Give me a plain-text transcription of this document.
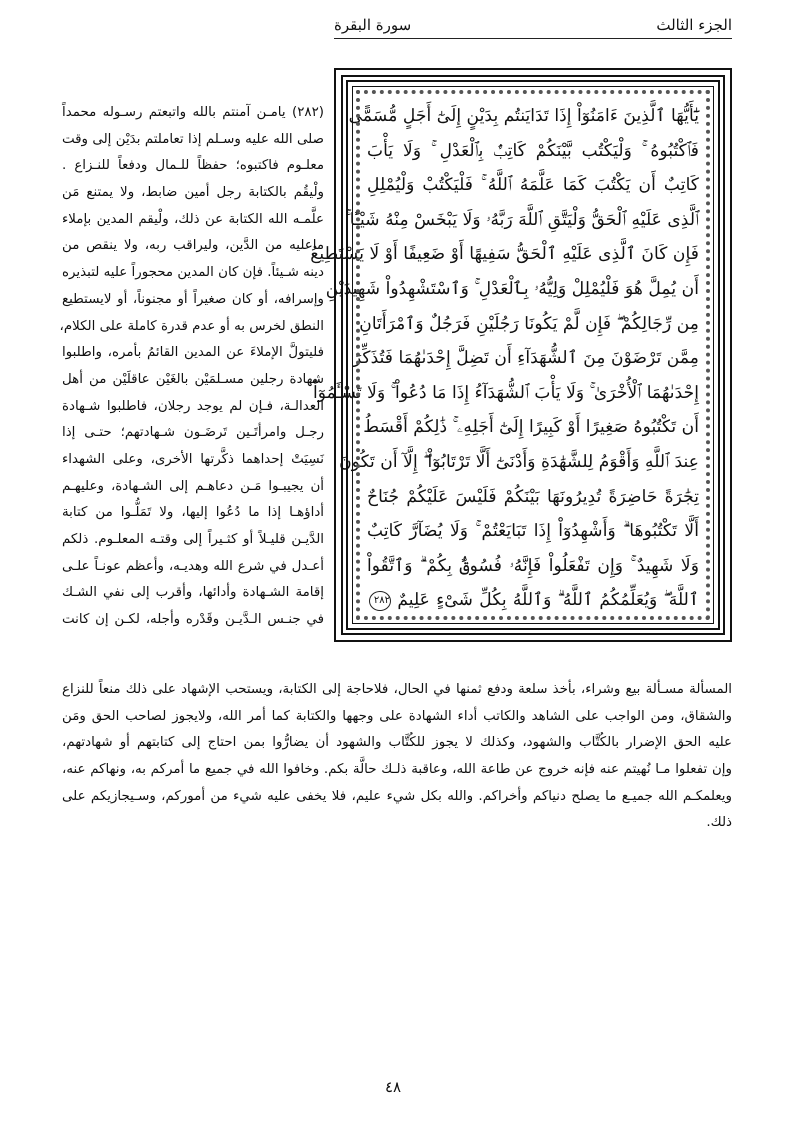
الجزء الثالث
سورة البقرة
يَٰٓأَيُّهَا ٱلَّذِينَ ءَامَنُوٓاْ إِذَا تَدَايَنتُم بِدَيْنٍ إِلَىٰٓ أَجَلٍ مُّسَمًّى
فَٱكْتُبُوهُ ۚ وَلْيَكْتُب بَّيْنَكُمْ كَاتِبٌۢ بِٱلْعَدْلِ ۚ وَلَا يَأْبَ
كَاتِبٌ أَن يَكْتُبَ كَمَا عَلَّمَهُ ٱللَّهُ ۚ فَلْيَكْتُبْ وَلْيُمْلِلِ
ٱلَّذِى عَلَيْهِ ٱلْحَقُّ وَلْيَتَّقِ ٱللَّهَ رَبَّهُۥ وَلَا يَبْخَسْ مِنْهُ شَيْـًٔا ۚ
فَإِن كَانَ ٱلَّذِى عَلَيْهِ ٱلْحَقُّ سَفِيهًا أَوْ ضَعِيفًا أَوْ لَا يَسْتَطِيعُ
أَن يُمِلَّ هُوَ فَلْيُمْلِلْ وَلِيُّهُۥ بِٱلْعَدْلِ ۚ وَٱسْتَشْهِدُواْ شَهِيدَيْنِ
مِن رِّجَالِكُمْ ۖ فَإِن لَّمْ يَكُونَا رَجُلَيْنِ فَرَجُلٌ وَٱمْرَأَتَانِ
مِمَّن تَرْضَوْنَ مِنَ ٱلشُّهَدَآءِ أَن تَضِلَّ إِحْدَىٰهُمَا فَتُذَكِّرَ
إِحْدَىٰهُمَا ٱلْأُخْرَىٰ ۚ وَلَا يَأْبَ ٱلشُّهَدَآءُ إِذَا مَا دُعُواْ ۚ وَلَا تَسْـَٔمُوٓاْ
أَن تَكْتُبُوهُ صَغِيرًا أَوْ كَبِيرًا إِلَىٰٓ أَجَلِهِۦ ۚ ذَٰلِكُمْ أَقْسَطُ
عِندَ ٱللَّهِ وَأَقْوَمُ لِلشَّهَٰدَةِ وَأَدْنَىٰٓ أَلَّا تَرْتَابُوٓاْ ۖ إِلَّآ أَن تَكُونَ
تِجَٰرَةً حَاضِرَةً تُدِيرُونَهَا بَيْنَكُمْ فَلَيْسَ عَلَيْكُمْ جُنَاحٌ
أَلَّا تَكْتُبُوهَا ۗ وَأَشْهِدُوٓاْ إِذَا تَبَايَعْتُمْ ۚ وَلَا يُضَآرَّ كَاتِبٌ
وَلَا شَهِيدٌ ۚ وَإِن تَفْعَلُواْ فَإِنَّهُۥ فُسُوقٌۢ بِكُمْ ۗ وَٱتَّقُواْ
ٱللَّهَ ۖ وَيُعَلِّمُكُمُ ٱللَّهُ ۗ وَٱللَّهُ بِكُلِّ شَىْءٍ عَلِيمٌ ٢٨٢
(٢٨٢) يامـن آمنتم بالله واتبعتم رسـوله محمداً
صلى الله عليه وسـلم إذا تعاملتم بدَيْن إلى وقت
معلـوم فاكتبوه؛ حفظاً للـمال ودفعاً للنـزاع .
ولْيقُم بالكتابة رجل أمين ضابط، ولا يمتنع مَن
علَّمـه الله الكتابة عن ذلك، ولْيقم المدين بإملاء
ماعليه من الدَّين، وليراقب ربه، ولا ينقص من
دينه شـيئاً. فإن كان المدين محجوراً عليه لتبذيره
وإسرافه، أو كان صغيراً أو مجنوناً، أو لايستطيع
النطق لخرس به أو عدم قدرة كاملة على الكلام،
فليتولَّ الإملاءَ عن المدين القائمُ بأمره، واطلبوا
شهادة رجلين مسـلمَيْن بالغَيْن عاقلَيْن من أهل
العدالـة، فـإن لم يوجد رجلان، فاطلبوا شـهادة
رجـل وامرأتَـين تَرضَـون شـهادتهم؛ حتـى إذا
نَسِيَتْ إحداهما ذكَّرتها الأخرى، وعلى الشهداء
أن يجيبـوا مَـن دعاهـم إلى الشـهادة، وعليهـم
أداؤهـا إذا ما دُعُوا إليها، ولا تَمَلُّـوا من كتابة
الدَّيـن قليـلاً أو كثـيراً إلى وقتـه المعلـوم. ذلكم
أعـدل في شرع الله وهديـه، وأعظم عونـاً علـى
إقامة الشـهادة وأدائها، وأقرب إلى نفي الشـك
في جنـس الـدَّيـن وقَدْره وأجله، لكـن إن كانت
المسألة مسـألة بيع وشراء، بأخذ سلعة ودفع ثمنها في الحال، فلاحاجة إلى الكتابة، ويستحب الإشهاد على ذلك منعاً للنزاع
والشقاق، ومن الواجب على الشاهد والكاتب أداء الشهادة على وجهها والكتابة كما أمر الله، ولايجوز لصاحب الحق ومَن
عليه الحق الإضرار بالكُتَّاب والشهود، وكذلك لا يجوز للكُتَّاب والشهود أن يضارُّوا بمن احتاج إلى كتابتهم أو شهادتهم،
وإن تفعلوا مـا نُهيتم عنه فإنه خروج عن طاعة الله، وعاقبة ذلـك حالَّة بكم. وخافوا الله في جميع ما أمركم به، ونهاكم عنه،
ويعلمكـم الله جميـع ما يصلح دنياكم وأخراكم. والله بكل شيء عليم، فلا يخفى عليه شيء من أموركم، وسـيجازيكم على
ذلك.
٤٨
